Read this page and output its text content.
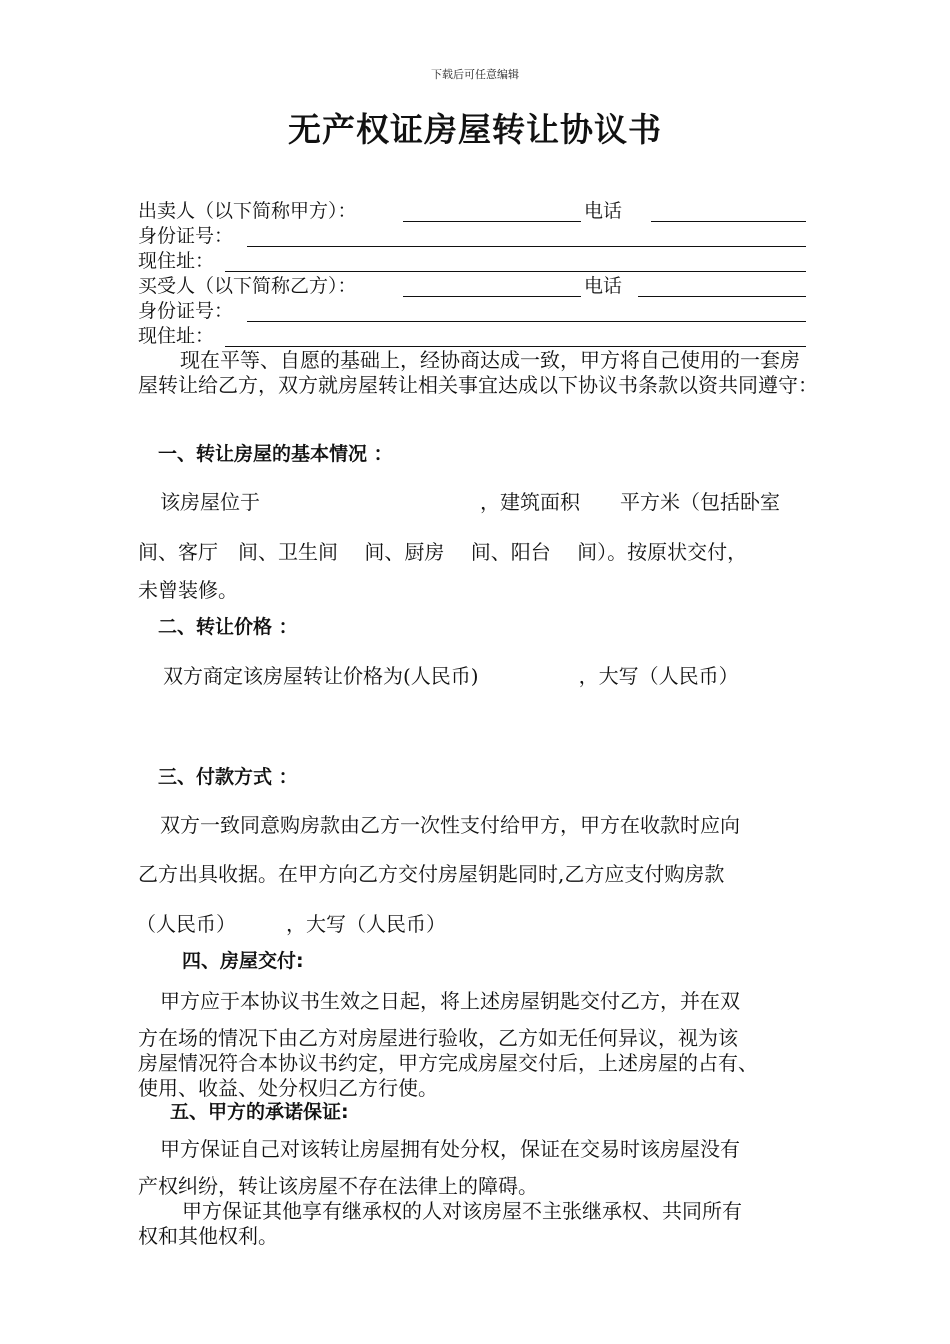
下载后可任意编辑
无产权证房屋转让协议书
出卖人（以下简称甲方）：	电话
身份证号：
现住址：
买受人（以下简称乙方）：	电话
身份证号：
现住址：
现在平等、自愿的基础上，经协商达成一致，甲方将自己使用的一套房屋转让给乙方，双方就房屋转让相关事宜达成以下协议书条款以资共同遵守：
一、转让房屋的基本情况 ：
该房屋位于　　　　　　　　　　　，建筑面积　　平方米（包括卧室
间、客厅　间、卫生间　 间、厨房　 间、阳台　 间）。按原状交付，
未曾装修。
二、转让价格 ：
双方商定该房屋转让价格为(人民币)　　　　　，大写（人民币）
三、付款方式 ：
双方一致同意购房款由乙方一次性支付给甲方，甲方在收款时应向
乙方出具收据。在甲方向乙方交付房屋钥匙同时,乙方应支付购房款
（人民币）　　　，大写（人民币）
四、房屋交付:
甲方应于本协议书生效之日起，将上述房屋钥匙交付乙方，并在双
方在场的情况下由乙方对房屋进行验收，乙方如无任何异议，视为该
房屋情况符合本协议书约定，甲方完成房屋交付后，上述房屋的占有、
使用、收益、处分权归乙方行使。
五、甲方的承诺保证:
甲方保证自己对该转让房屋拥有处分权，保证在交易时该房屋没有
产权纠纷，转让该房屋不存在法律上的障碍。
甲方保证其他享有继承权的人对该房屋不主张继承权、共同所有
权和其他权利。
